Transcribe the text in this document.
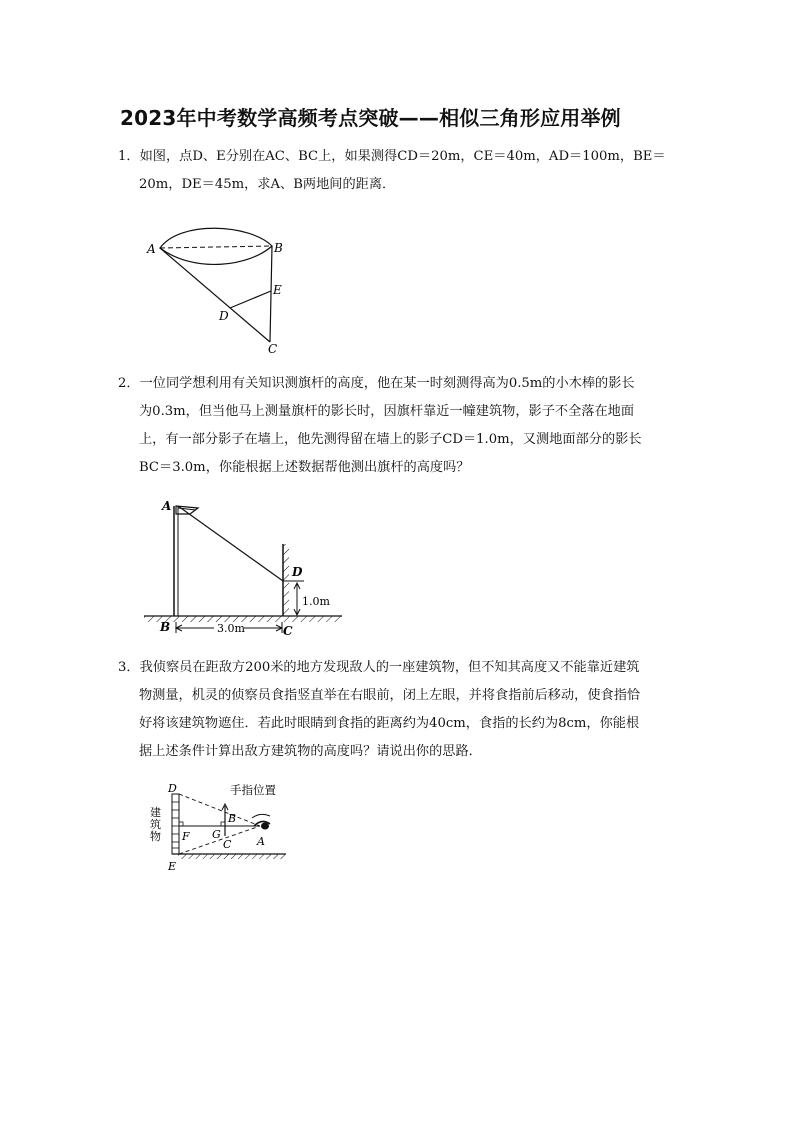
2023年中考数学高频考点突破——相似三角形应用举例
1．如图，点D、E分别在AC、BC上，如果测得CD＝20m，CE＝40m，AD＝100m，BE＝
20m，DE＝45m，求A、B两地间的距离．
A	B
E
D
C
2．一位同学想利用有关知识测旗杆的高度，他在某一时刻测得高为0.5m的小木棒的影长
为0.3m，但当他马上测量旗杆的影长时，因旗杆靠近一幢建筑物，影子不全落在地面
上，有一部分影子在墙上，他先测得留在墙上的影子CD＝1.0m，又测地面部分的影长
BC＝3.0m，你能根据上述数据帮他测出旗杆的高度吗？
1.0m
3.0m
A
D
B	C
3．我侦察员在距敌方200米的地方发现敌人的一座建筑物，但不知其高度又不能靠近建筑
物测量，机灵的侦察员食指竖直举在右眼前，闭上左眼，并将食指前后移动，使食指恰
好将该建筑物遮住．若此时眼睛到食指的距离约为40cm，食指的长约为8cm，你能根
据上述条件计算出敌方建筑物的高度吗？请说出你的思路．
建
筑
物
手指位置
D
E
F G
B
C A
